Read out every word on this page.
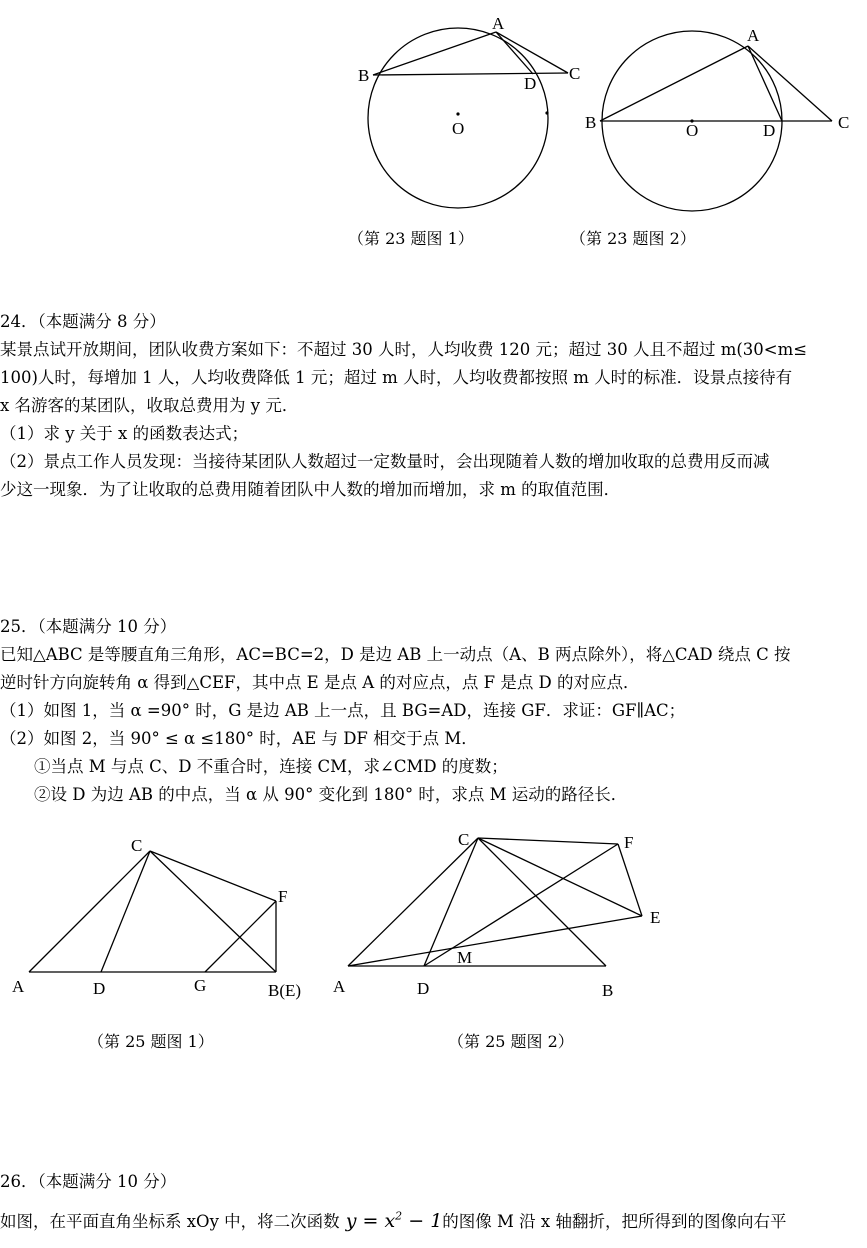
A
B	C
D
O
A
B	C
D
O
（第 23 题图 1）	（第 23 题图 2）
24．（本题满分 8 分）
某景点试开放期间，团队收费方案如下：不超过 30 人时，人均收费 120 元；超过 30 人且不超过 m(30<m≤
100)人时，每增加 1 人，人均收费降低 1 元；超过 m 人时，人均收费都按照 m 人时的标准．设景点接待有
x 名游客的某团队，收取总费用为 y 元．
（1）求 y 关于 x 的函数表达式；
（2）景点工作人员发现：当接待某团队人数超过一定数量时，会出现随着人数的增加收取的总费用反而减
少这一现象．为了让收取的总费用随着团队中人数的增加而增加，求 m 的取值范围．
25．（本题满分 10 分）
已知△ABC 是等腰直角三角形，AC=BC=2，D 是边 AB 上一动点（A、B 两点除外），将△CAD 绕点 C 按
逆时针方向旋转角 α 得到△CEF，其中点 E 是点 A 的对应点，点 F 是点 D 的对应点．
（1）如图 1，当 α =90° 时，G 是边 AB 上一点，且 BG=AD，连接 GF．求证：GF∥AC；
（2）如图 2，当 90° ≤ α ≤180° 时，AE 与 DF 相交于点 M．
①当点 M 与点 C、D 不重合时，连接 CM，求∠CMD 的度数；
②设 D 为边 AB 的中点，当 α 从 90° 变化到 180° 时，求点 M 运动的路径长．
C
F
A	D	G	B(E)
C	F
E
M
A	D	B
（第 25 题图 1）	（第 25 题图 2）
26．（本题满分 10 分）
如图，在平面直角坐标系 xOy 中，将二次函数 $y = x^2 - 1$的图像 M 沿 x 轴翻折，把所得到的图像向右平
